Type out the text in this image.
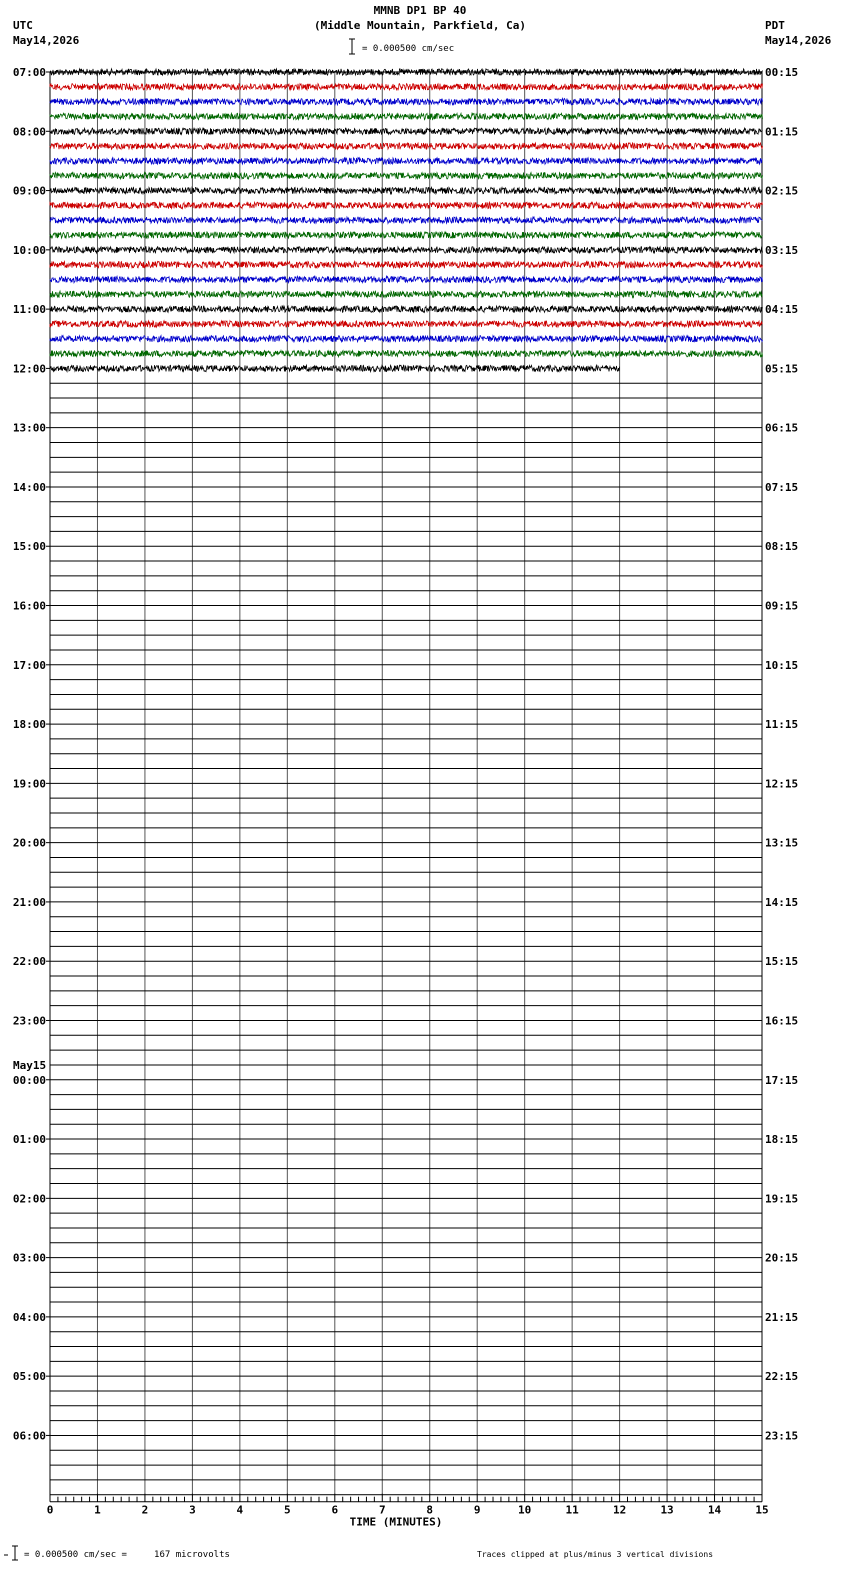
MMNB DP1 BP 40
(Middle Mountain, Parkfield, Ca)
UTC
May14,2026
PDT
May14,2026
= 0.000500 cm/sec
07:00
08:00
09:00
10:00
11:00
12:00
13:00
14:00
15:00
16:00
17:00
18:00
19:00
20:00
21:00
22:00
23:00
00:00
01:00
02:00
03:00
04:00
05:00
06:00
00:15
01:15
02:15
03:15
04:15
05:15
06:15
07:15
08:15
09:15
10:15
11:15
12:15
13:15
14:15
15:15
16:15
17:15
18:15
19:15
20:15
21:15
22:15
23:15
May15
0	1	2	3	4	5	6	7	8	9	10	11	12	13	14	15
TIME (MINUTES)
= 0.000500 cm/sec =     167 microvolts	Traces clipped at plus/minus 3 vertical divisions
